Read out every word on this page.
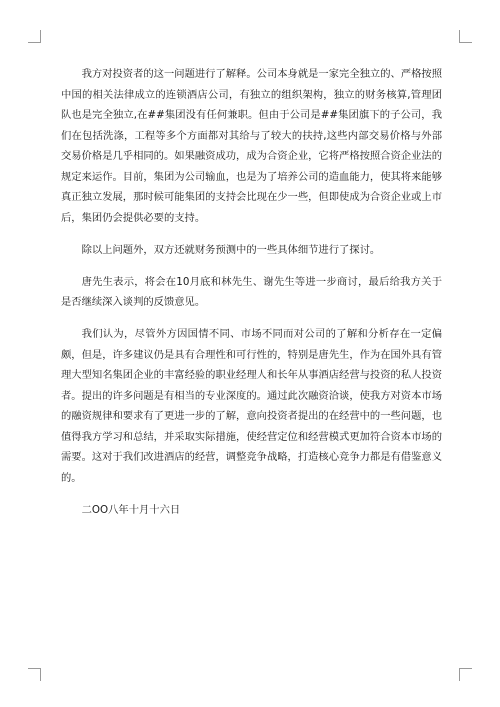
我方对投资者的这一问题进行了解释。公司本身就是一家完全独立的、严格按照中国的相关法律成立的连锁酒店公司，有独立的组织架构，独立的财务核算,管理团队也是完全独立,在##集团没有任何兼职。但由于公司是##集团旗下的子公司，我们在包括洗涤，工程等多个方面都对其给与了较大的扶持,这些内部交易价格与外部交易价格是几乎相同的。如果融资成功，成为合资企业，它将严格按照合资企业法的规定来运作。目前，集团为公司输血，也是为了培养公司的造血能力，使其将来能够真正独立发展，那时候可能集团的支持会比现在少一些，但即使成为合资企业或上市后，集团仍会提供必要的支持。

除以上问题外，双方还就财务预测中的一些具体细节进行了探讨。

唐先生表示，将会在10月底和林先生、谢先生等进一步商讨，最后给我方关于是否继续深入谈判的反馈意见。

我们认为，尽管外方因国情不同、市场不同而对公司的了解和分析存在一定偏颇，但是，许多建议仍是具有合理性和可行性的，特别是唐先生，作为在国外具有管理大型知名集团企业的丰富经验的职业经理人和长年从事酒店经营与投资的私人投资者。提出的许多问题是有相当的专业深度的。通过此次融资洽谈，使我方对资本市场的融资规律和要求有了更进一步的了解，意向投资者提出的在经营中的一些问题，也值得我方学习和总结，并采取实际措施，使经营定位和经营模式更加符合资本市场的需要。这对于我们改进酒店的经营，调整竞争战略，打造核心竞争力都是有借鉴意义的。

二OO八年十月十六日
